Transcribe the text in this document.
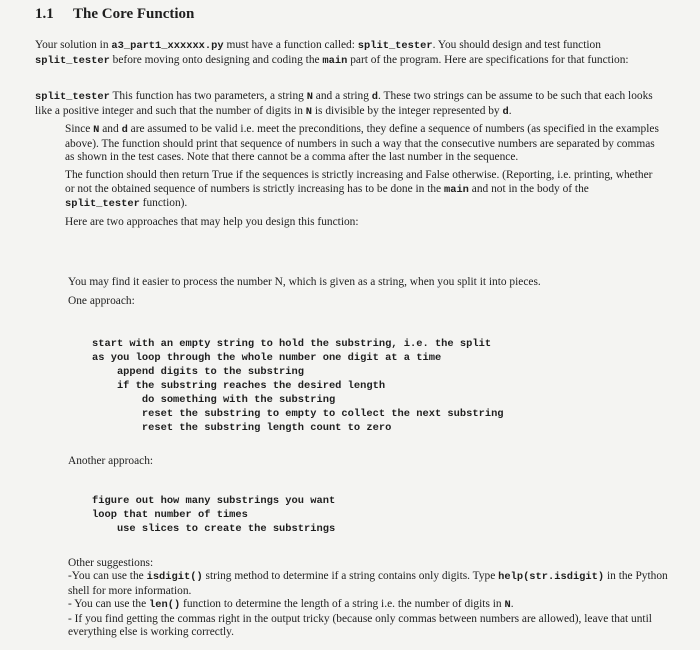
1.1 The Core Function

Your solution in a3_part1_xxxxxx.py must have a function called: split_tester. You should design and test function split_tester before moving onto designing and coding the main part of the program. Here are specifications for that function:

split_tester This function has two parameters, a string N and a string d. These two strings can be assume to be such that each looks like a positive integer and such that the number of digits in N is divisible by the integer represented by d.

Since N and d are assumed to be valid i.e. meet the preconditions, they define a sequence of numbers (as specified in the examples above). The function should print that sequence of numbers in such a way that the consecutive numbers are separated by commas as shown in the test cases. Note that there cannot be a comma after the last number in the sequence.

The function should then return True if the sequences is strictly increasing and False otherwise. (Reporting, i.e. printing, whether or not the obtained sequence of numbers is strictly increasing has to be done in the main and not in the body of the split_tester function).

Here are two approaches that may help you design this function:

You may find it easier to process the number N, which is given as a string, when you split it into pieces.

One approach:

start with an empty string to hold the substring, i.e. the split
as you loop through the whole number one digit at a time
append digits to the substring
if the substring reaches the desired length
do something with the substring
reset the substring to empty to collect the next substring
reset the substring length count to zero
Another approach:
figure out how many substrings you want
loop that number of times
use slices to create the substrings

Other suggestions:

-You can use the isdigit() string method to determine if a string contains only digits. Type help(str.isdigit) in the Python shell for more information.

- You can use the len() function to determine the length of a string i.e. the number of digits in N.

- If you find getting the commas right in the output tricky (because only commas between numbers are allowed), leave that until everything else is working correctly.
